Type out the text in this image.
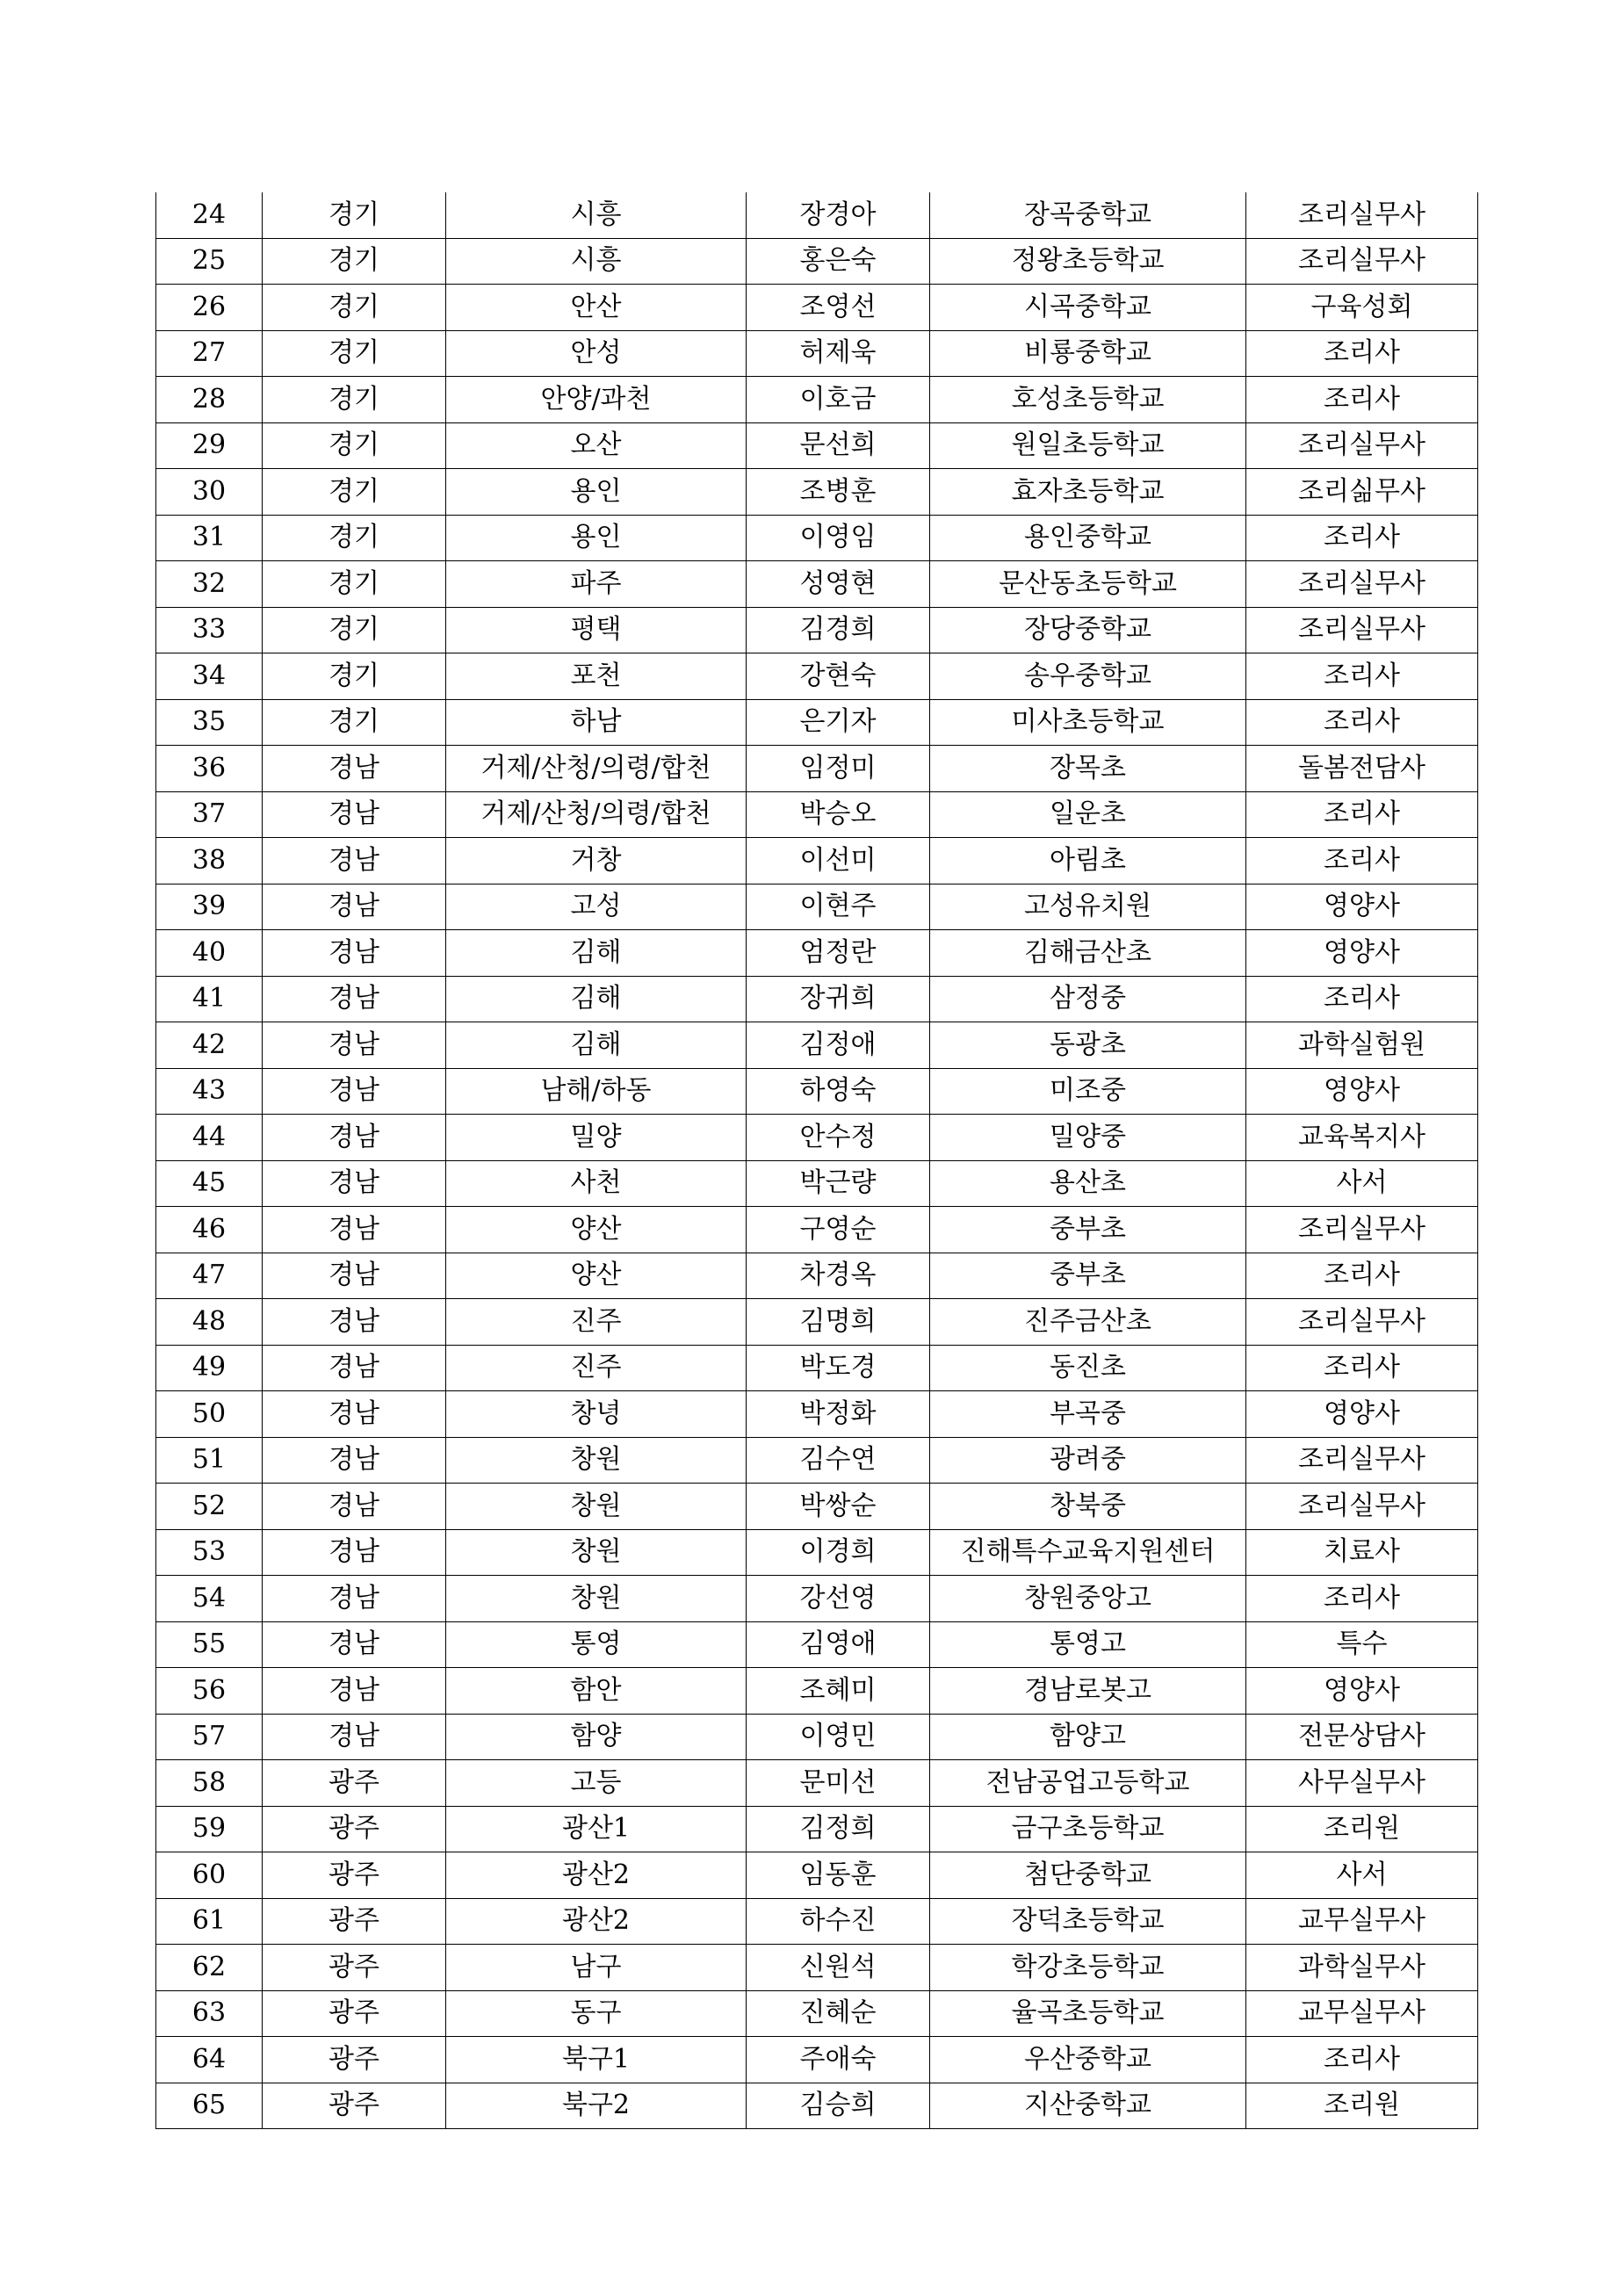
24	경기	시흥	장경아	장곡중학교	조리실무사
25	경기	시흥	홍은숙	정왕초등학교	조리실무사
26	경기	안산	조영선	시곡중학교	구육성회
27	경기	안성	허제욱	비룡중학교	조리사
28	경기	안양/과천	이호금	호성초등학교	조리사
29	경기	오산	문선희	원일초등학교	조리실무사
30	경기	용인	조병훈	효자초등학교	조리싦무사
31	경기	용인	이영임	용인중학교	조리사
32	경기	파주	성영현	문산동초등학교	조리실무사
33	경기	평택	김경희	장당중학교	조리실무사
34	경기	포천	강현숙	송우중학교	조리사
35	경기	하남	은기자	미사초등학교	조리사
36	경남	거제/산청/의령/합천	임정미	장목초	돌봄전담사
37	경남	거제/산청/의령/합천	박승오	일운초	조리사
38	경남	거창	이선미	아림초	조리사
39	경남	고성	이현주	고성유치원	영양사
40	경남	김해	엄정란	김해금산초	영양사
41	경남	김해	장귀희	삼정중	조리사
42	경남	김해	김정애	동광초	과학실험원
43	경남	남해/하동	하영숙	미조중	영양사
44	경남	밀양	안수정	밀양중	교육복지사
45	경남	사천	박근량	용산초	사서
46	경남	양산	구영순	중부초	조리실무사
47	경남	양산	차경옥	중부초	조리사
48	경남	진주	김명희	진주금산초	조리실무사
49	경남	진주	박도경	동진초	조리사
50	경남	창녕	박정화	부곡중	영양사
51	경남	창원	김수연	광려중	조리실무사
52	경남	창원	박쌍순	창북중	조리실무사
53	경남	창원	이경희	진해특수교육지원센터	치료사
54	경남	창원	강선영	창원중앙고	조리사
55	경남	통영	김영애	통영고	특수
56	경남	함안	조혜미	경남로봇고	영양사
57	경남	함양	이영민	함양고	전문상담사
58	광주	고등	문미선	전남공업고등학교	사무실무사
59	광주	광산1	김정희	금구초등학교	조리원
60	광주	광산2	임동훈	첨단중학교	사서
61	광주	광산2	하수진	장덕초등학교	교무실무사
62	광주	남구	신원석	학강초등학교	과학실무사
63	광주	동구	진혜순	율곡초등학교	교무실무사
64	광주	북구1	주애숙	우산중학교	조리사
65	광주	북구2	김승희	지산중학교	조리원
